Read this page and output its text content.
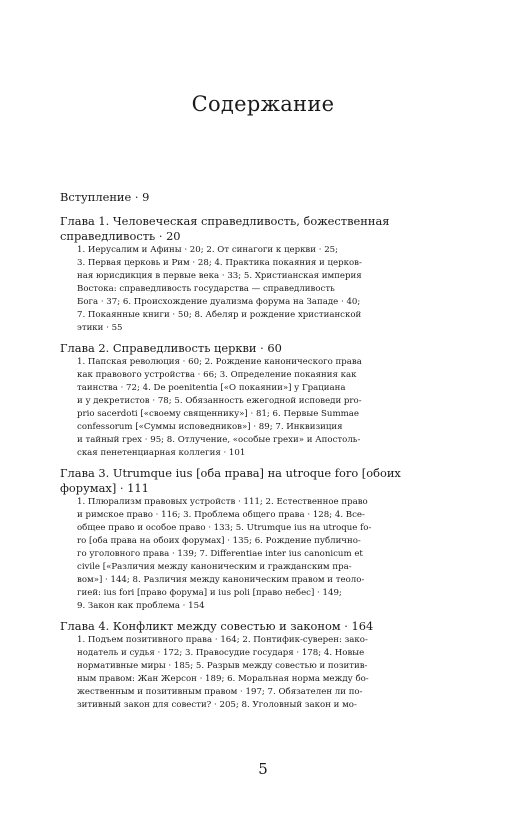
Содержание
Вступление · 9
Глава 1. Человеческая справедливость, божественная
справедливость · 20
1. Иерусалим и Афины · 20; 2. От синагоги к церкви · 25;
3. Первая церковь и Рим · 28; 4. Практика покаяния и церков-
ная юрисдикция в первые века · 33; 5. Христианская империя
Востока: справедливость государства — справедливость
Бога · 37; 6. Происхождение дуализма форума на Западе · 40;
7. Покаянные книги · 50; 8. Абеляр и рождение христианской
этики · 55
Глава 2. Справедливость церкви · 60
1. Папская революция · 60; 2. Рождение канонического права
как правового устройства · 66; 3. Определение покаяния как
таинства · 72; 4. De poenitentia [«О покаянии»] у Грациана
и у декретистов · 78; 5. Обязанность ежегодной исповеди pro-
prio sacerdoti [«своему священнику»] · 81; 6. Первые Summae
confessorum [«Суммы исповедников»] · 89; 7. Инквизиция
и тайный грех · 95; 8. Отлучение, «особые грехи» и Апостоль-
ская пенетенциарная коллегия · 101
Глава 3. Utrumque ius [оба права] на utroque foro [обоих
форумах] · 111
1. Плюрализм правовых устройств · 111; 2. Естественное право
и римское право · 116; 3. Проблема общего права · 128; 4. Все-
общее право и особое право · 133; 5. Utrumque ius на utroque fo-
ro [оба права на обоих форумах] · 135; 6. Рождение публично-
го уголовного права · 139; 7. Differentiae inter ius canonicum et
civile [«Различия между каноническим и гражданским пра-
вом»] · 144; 8. Различия между каноническим правом и теоло-
гией: ius fori [право форума] и ius poli [право небес] · 149;
9. Закон как проблема · 154
Глава 4. Конфликт между совестью и законом · 164
1. Подъем позитивного права · 164; 2. Понтифик-суверен: зако-
нодатель и судья · 172; 3. Правосудие государя · 178; 4. Новые
нормативные миры · 185; 5. Разрыв между совестью и позитив-
ным правом: Жан Жерсон · 189; 6. Моральная норма между бо-
жественным и позитивным правом · 197; 7. Обязателен ли по-
зитивный закон для совести? · 205; 8. Уголовный закон и мо-
5
